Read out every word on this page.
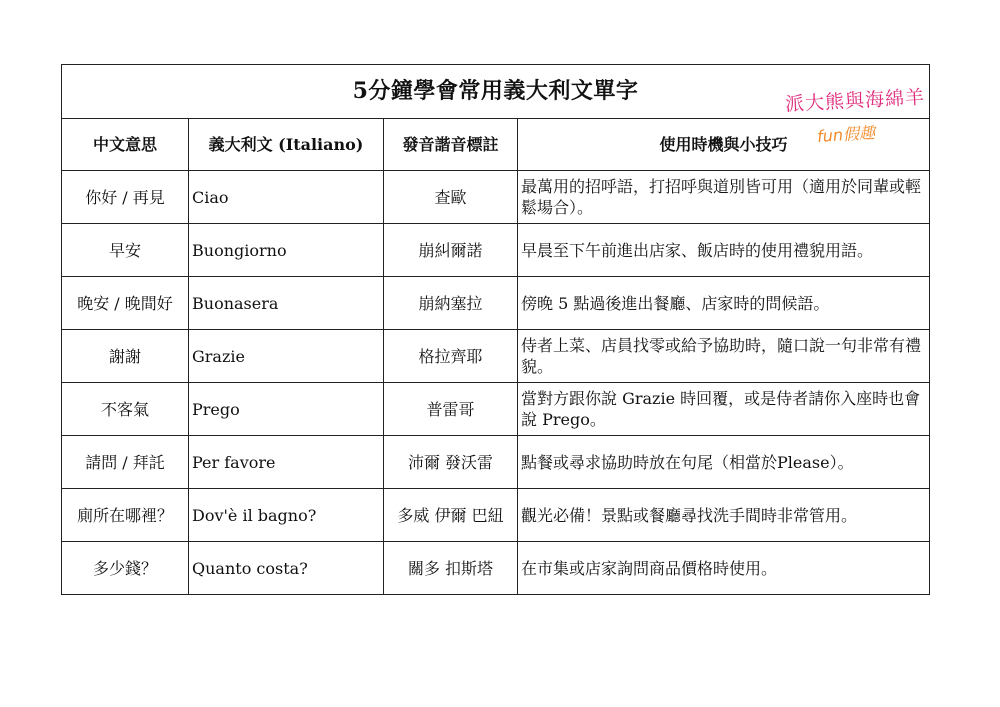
5分鐘學會常用義大利文單字			

中文意思	義大利文 (Italiano)	發音諧音標註	使用時機與小技巧
你好 / 再見	Ciao	查歐	最萬用的招呼語，打招呼與道別皆可用（適用於同輩或輕鬆場合）。
早安	Buongiorno	崩糾爾諾	早晨至下午前進出店家、飯店時的使用禮貌用語。
晚安 / 晚間好	Buonasera	崩納塞拉	傍晚 5 點過後進出餐廳、店家時的問候語。
謝謝	Grazie	格拉齊耶	侍者上菜、店員找零或給予協助時，隨口說一句非常有禮貌。
不客氣	Prego	普雷哥	當對方跟你說 Grazie 時回覆，或是侍者請你入座時也會說 Prego。
請問 / 拜託	Per favore	沛爾 發沃雷	點餐或尋求協助時放在句尾（相當於Please）。
廁所在哪裡？	Dov'è il bagno?	多威 伊爾 巴紐	觀光必備！景點或餐廳尋找洗手間時非常管用。
多少錢？	Quanto costa?	關多 扣斯塔	在市集或店家詢問商品價格時使用。
派大熊與海綿羊
fun假趣
